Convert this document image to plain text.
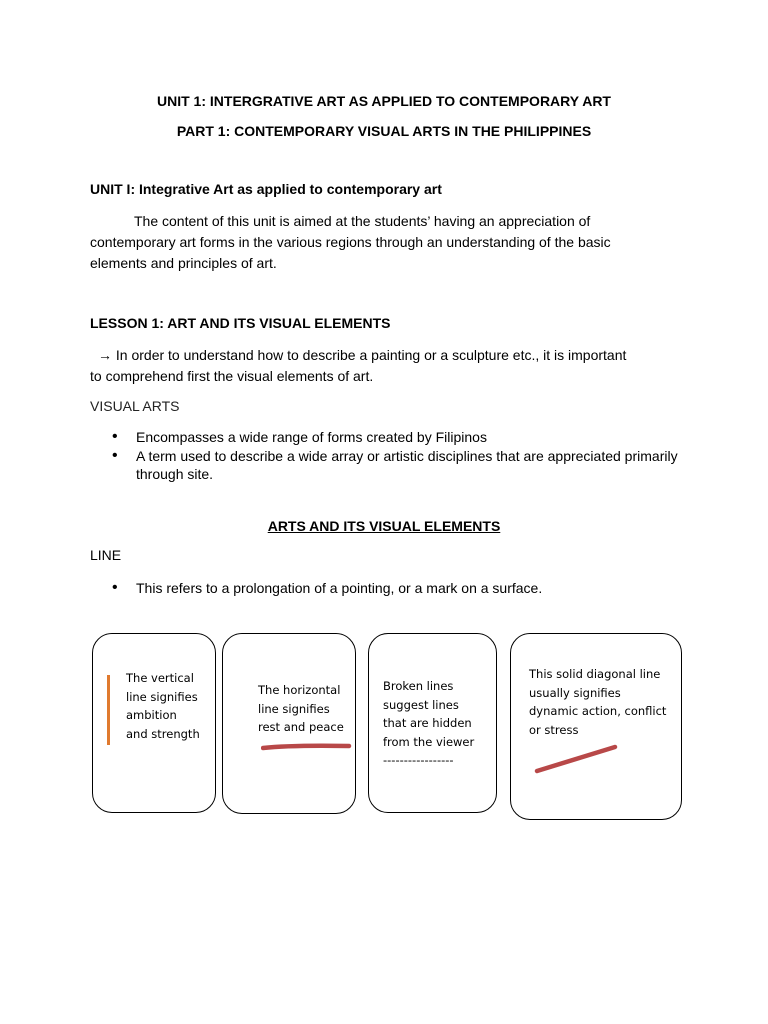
UNIT 1: INTERGRATIVE ART AS APPLIED TO CONTEMPORARY ART
PART 1: CONTEMPORARY VISUAL ARTS IN THE PHILIPPINES
UNIT I: Integrative Art as applied to contemporary art
The content of this unit is aimed at the students’ having an appreciation of
contemporary art forms in the various regions through an understanding of the basic
elements and principles of art.
LESSON 1: ART AND ITS VISUAL ELEMENTS
→ In order to understand how to describe a painting or a sculpture etc., it is important
to comprehend first the visual elements of art.
VISUAL ARTS
• Encompasses a wide range of forms created by Filipinos
• A term used to describe a wide array or artistic disciplines that are appreciated primarily through site.
ARTS AND ITS VISUAL ELEMENTS
LINE
• This refers to a prolongation of a pointing, or a mark on a surface.
The vertical
line signifies
ambition
and strength
The horizontal
line signifies
rest and peace
Broken lines
suggest lines
that are hidden
from the viewer
-----------------
This solid diagonal line
usually signifies
dynamic action, conflict
or stress
